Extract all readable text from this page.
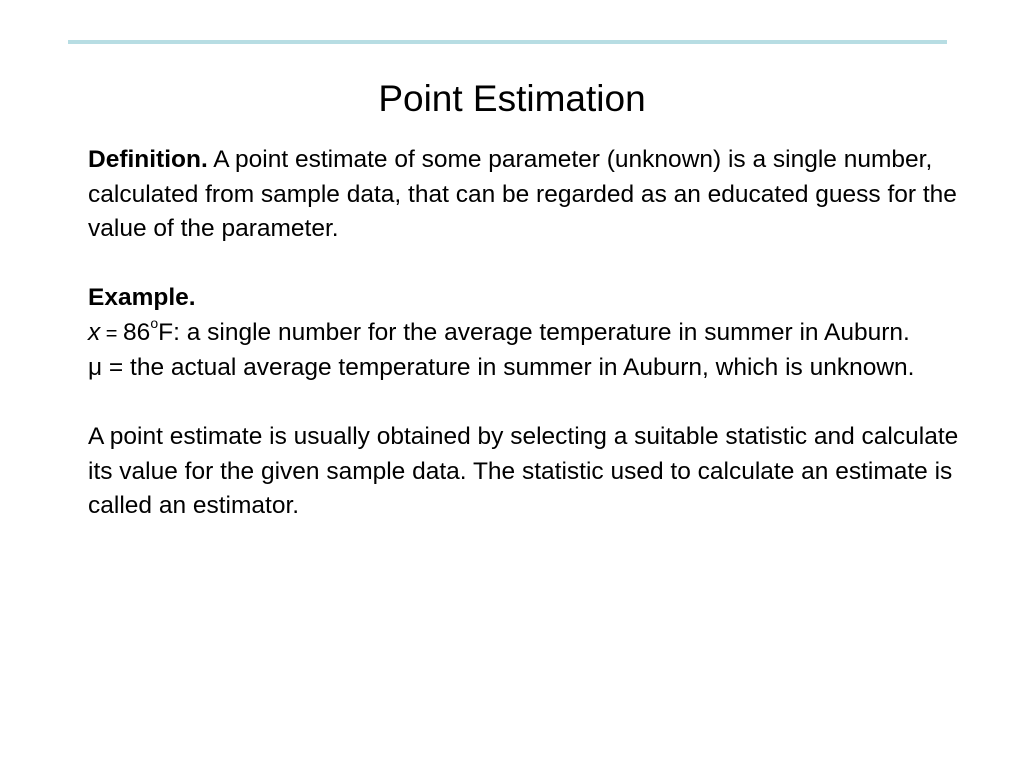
Point Estimation

Definition. A point estimate of some parameter (unknown) is a single number, calculated from sample data, that can be regarded as an educated guess for the value of the parameter.

Example.

$x = 86^oF$: a single number for the average temperature in summer in Auburn.

μ = the actual average temperature in summer in Auburn, which is unknown.

A point estimate is usually obtained by selecting a suitable statistic and calculate its value for the given sample data. The statistic used to calculate an estimate is called an estimator.
